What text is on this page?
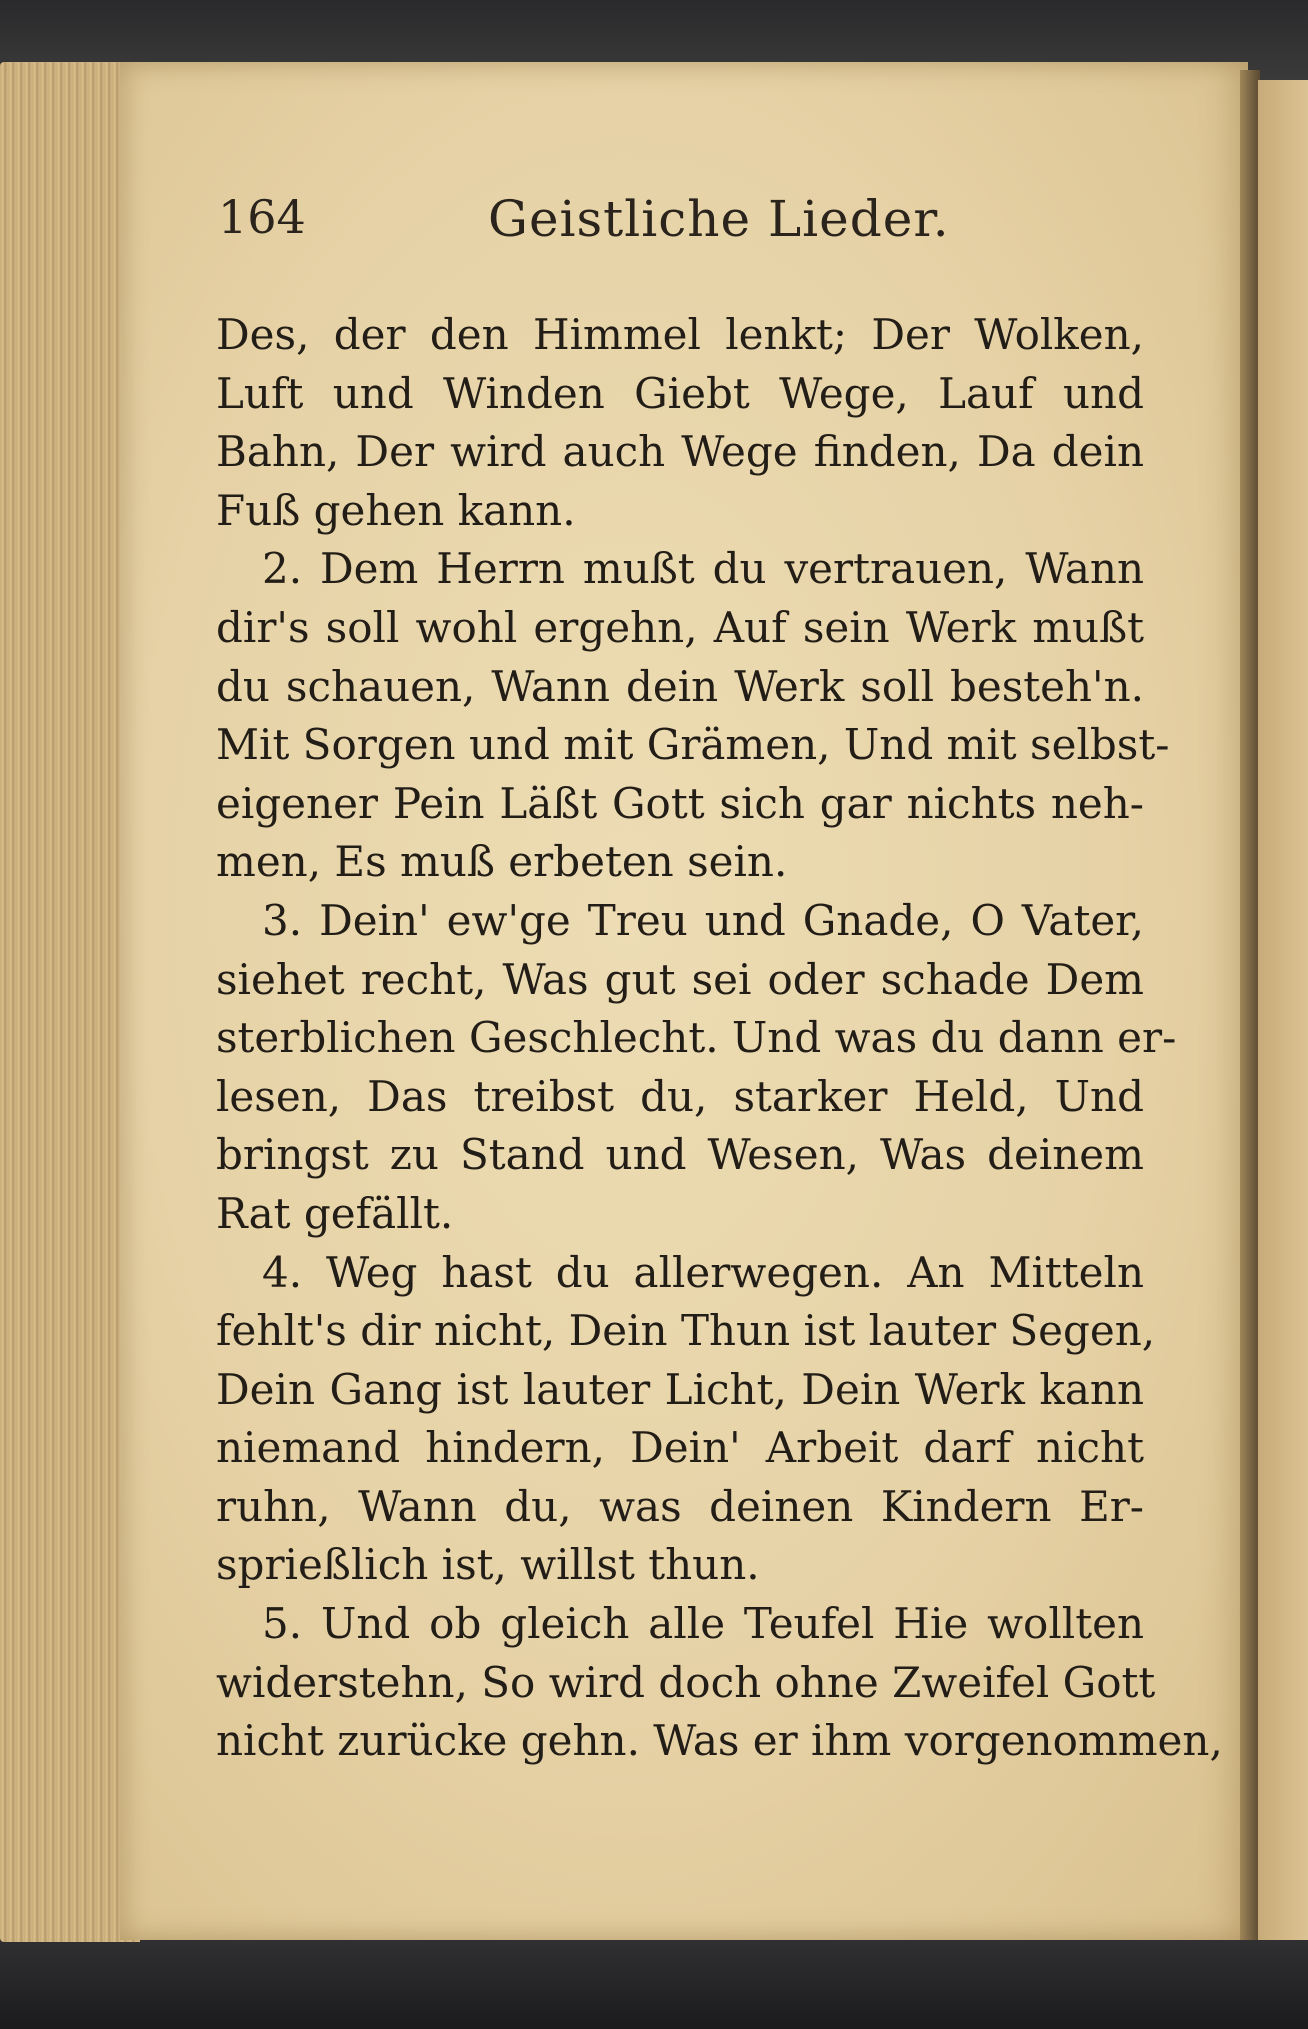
164	Geistliche Lieder.
Des, der den Himmel lenkt; Der Wolken,
Luft und Winden Giebt Wege, Lauf und
Bahn, Der wird auch Wege finden, Da dein
Fuß gehen kann.
2. Dem Herrn mußt du vertrauen, Wann
dir's soll wohl ergehn, Auf sein Werk mußt
du schauen, Wann dein Werk soll besteh'n.
Mit Sorgen und mit Grämen, Und mit selbst-
eigener Pein Läßt Gott sich gar nichts neh-
men, Es muß erbeten sein.
3. Dein' ew'ge Treu und Gnade, O Vater,
siehet recht, Was gut sei oder schade Dem
sterblichen Geschlecht. Und was du dann er-
lesen, Das treibst du, starker Held, Und
bringst zu Stand und Wesen, Was deinem
Rat gefällt.
4. Weg hast du allerwegen. An Mitteln
fehlt's dir nicht, Dein Thun ist lauter Segen,
Dein Gang ist lauter Licht, Dein Werk kann
niemand hindern, Dein' Arbeit darf nicht
ruhn, Wann du, was deinen Kindern Er-
sprießlich ist, willst thun.
5. Und ob gleich alle Teufel Hie wollten
widerstehn, So wird doch ohne Zweifel Gott
nicht zurücke gehn. Was er ihm vorgenommen,
